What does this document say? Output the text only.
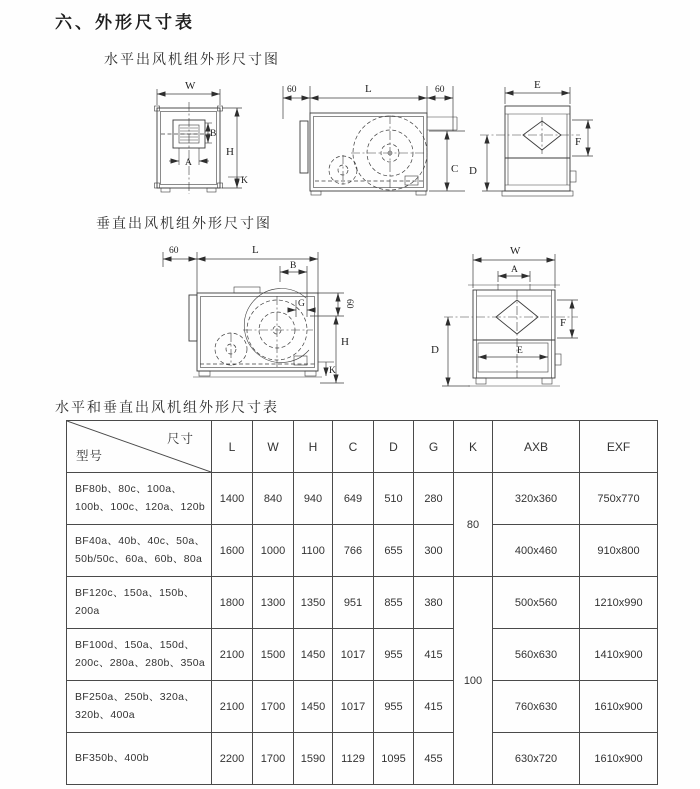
六、外形尺寸表
水平出风机组外形尺寸图
W
H
K
B
A
60	L	60
C
E
F
D
垂直出风机组外形尺寸图
60	L
B
60
G
H
K
W
A
F
D	E
水平和垂直出风机组外形尺寸表
尺寸
型号	L	W	H	C	D	G	K	AXB	EXF
BF80b、80c、100a、100b、100c、120a、120b	1400	840	940	649	510	280	80	320x360	750x770
BF40a、40b、40c、50a、50b/50c、60a、60b、80a	1600	1000	1100	766	655	300		400x460	910x800
BF120c、150a、150b、200a	1800	1300	1350	951	855	380	100	500x560	1210x990
BF100d、150a、150d、200c、280a、280b、350a	2100	1500	1450	1017	955	415		560x630	1410x900
BF250a、250b、320a、320b、400a	2100	1700	1450	1017	955	415		760x630	1610x900
BF350b、400b	2200	1700	1590	1129	1095	455		630x720	1610x900
